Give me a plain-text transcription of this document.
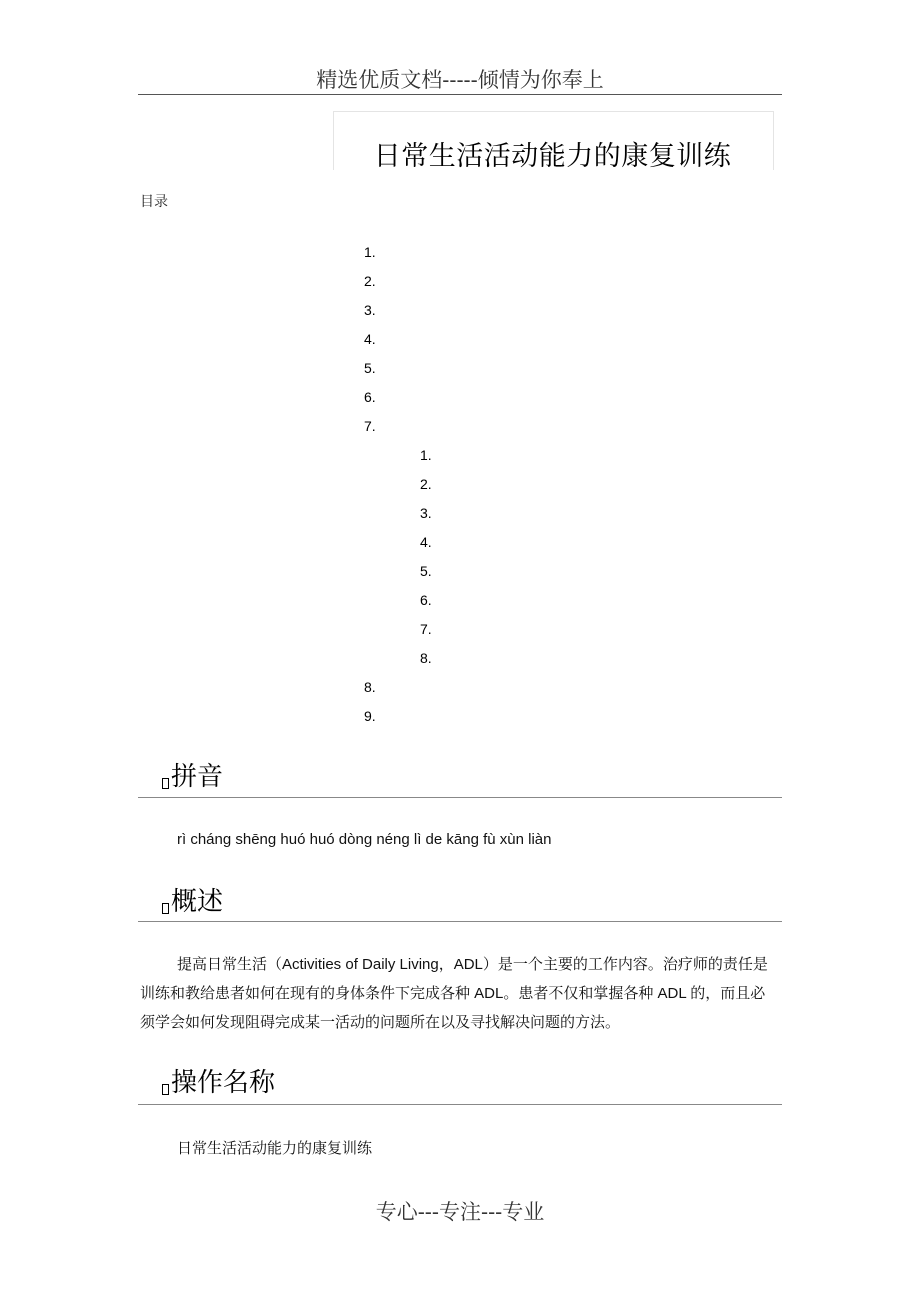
精选优质文档-----倾情为你奉上
日常生活活动能力的康复训练
目录
1.
2.
3.
4.
5.
6.
7.
1.
2.
3.
4.
5.
6.
7.
8.
8.
9.
拼音
rì cháng shēng huó huó dòng néng lì de kāng fù xùn liàn
概述
提高日常生活（Activities of Daily Living，ADL）是一个主要的工作内容。治疗师的责任是训练和教给患者如何在现有的身体条件下完成各种 ADL。患者不仅和掌握各种 ADL 的，而且必须学会如何发现阻碍完成某一活动的问题所在以及寻找解决问题的方法。
操作名称
日常生活活动能力的康复训练
专心---专注---专业
